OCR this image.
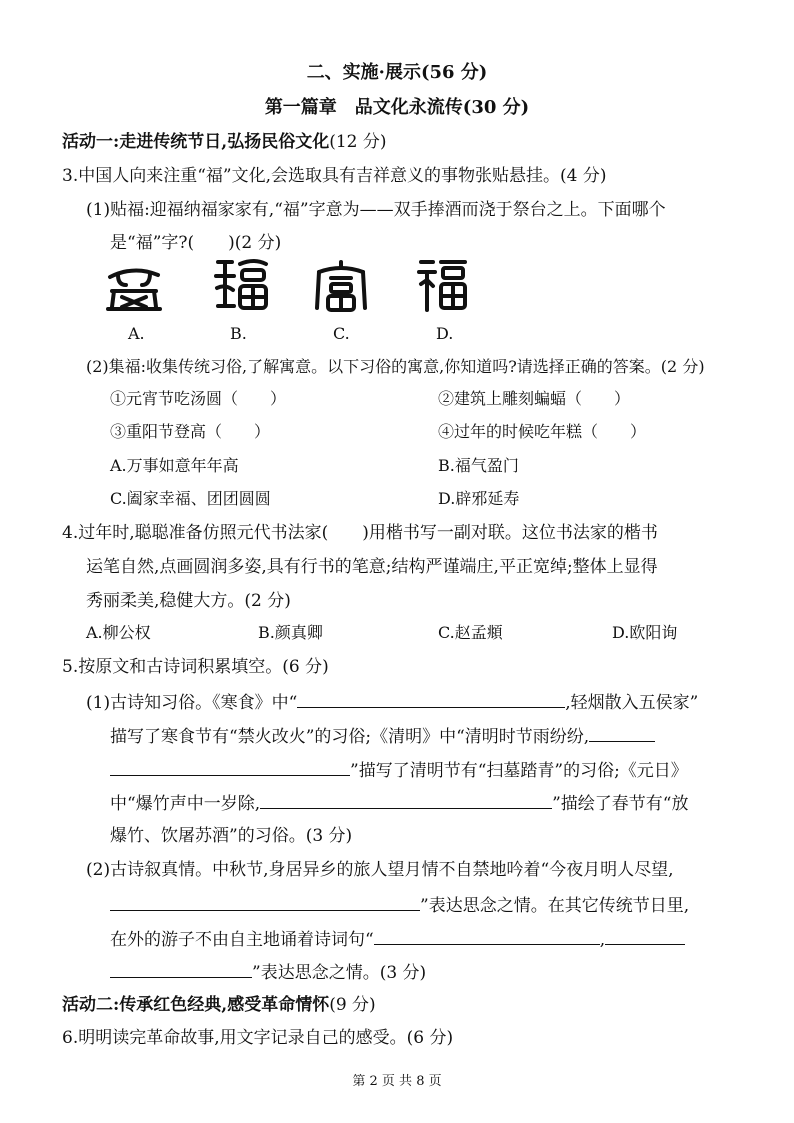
二、实施·展示(56 分)
第一篇章　品文化永流传(30 分)
活动一:走进传统节日,弘扬民俗文化(12 分)
3.中国人向来注重“福”文化,会选取具有吉祥意义的事物张贴悬挂。(4 分)
(1)贴福:迎福纳福家家有,“福”字意为——双手捧酒而浇于祭台之上。下面哪个
是“福”字?(　　)(2 分)
A.	B.	C.	D.
(2)集福:收集传统习俗,了解寓意。以下习俗的寓意,你知道吗?请选择正确的答案。(2 分)
①元宵节吃汤圆（　　）	②建筑上雕刻蝙蝠（　　）
③重阳节登高（　　）	④过年的时候吃年糕（　　）
A.万事如意年年高	B.福气盈门
C.阖家幸福、团团圆圆	D.辟邪延寿
4.过年时,聪聪准备仿照元代书法家(　　)用楷书写一副对联。这位书法家的楷书
运笔自然,点画圆润多姿,具有行书的笔意;结构严谨端庄,平正宽绰;整体上显得
秀丽柔美,稳健大方。(2 分)
A.柳公权	B.颜真卿	C.赵孟頫	D.欧阳询
5.按原文和古诗词积累填空。(6 分)
(1)古诗知习俗。《寒食》中“	,轻烟散入五侯家”
描写了寒食节有“禁火改火”的习俗;《清明》中“清明时节雨纷纷,
”描写了清明节有“扫墓踏青”的习俗;《元日》
中“爆竹声中一岁除,	”描绘了春节有“放
爆竹、饮屠苏酒”的习俗。(3 分)
(2)古诗叙真情。中秋节,身居异乡的旅人望月情不自禁地吟着“今夜月明人尽望,
”表达思念之情。在其它传统节日里,
在外的游子不由自主地诵着诗词句“	,
”表达思念之情。(3 分)
活动二:传承红色经典,感受革命情怀(9 分)
6.明明读完革命故事,用文字记录自己的感受。(6 分)
第 2 页 共 8 页
